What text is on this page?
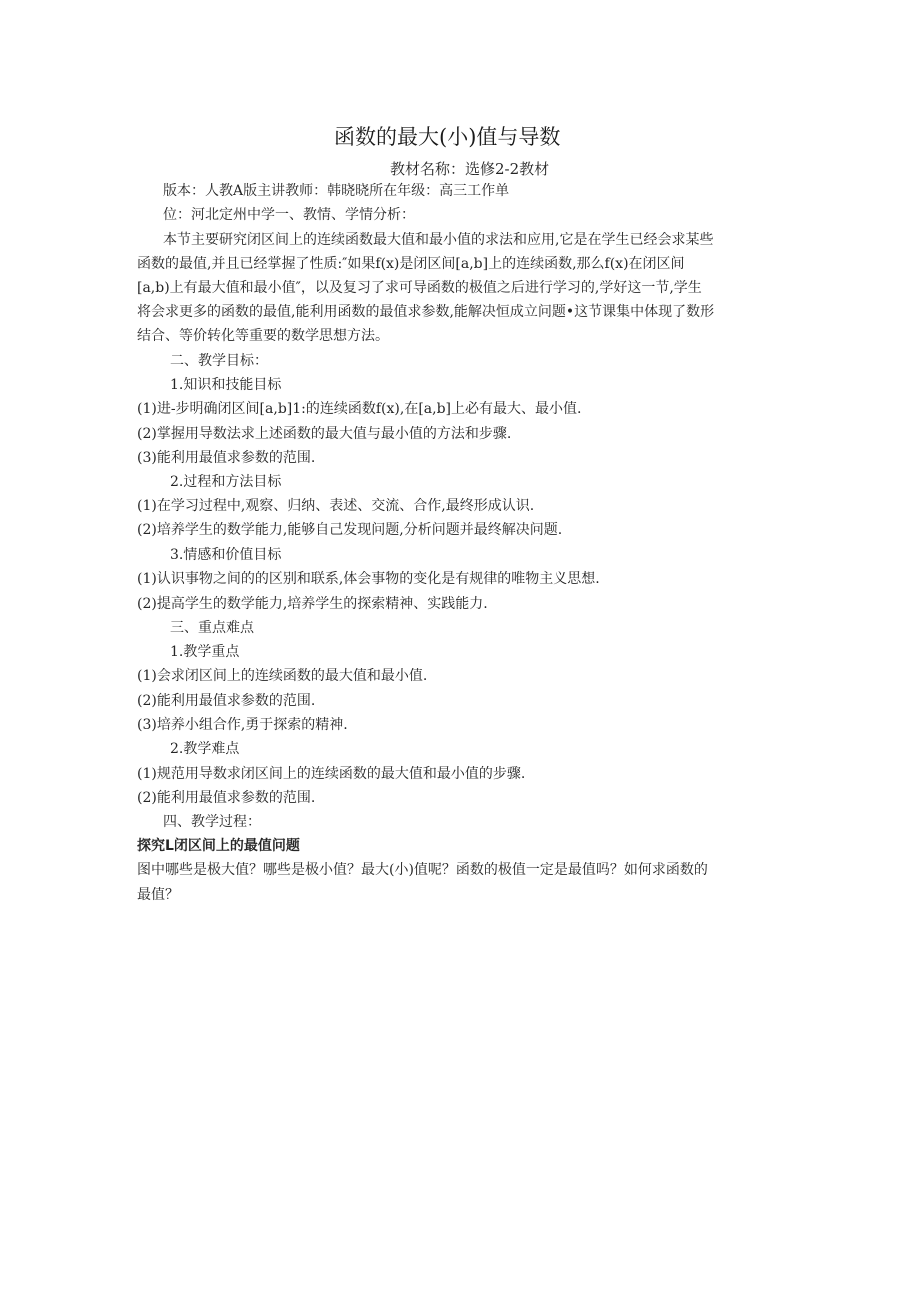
函数的最大(小)值与导数
教材名称：选修2-2教材
版本：人教A版主讲教师：韩晓晓所在年级：高三工作单
位：河北定州中学一、教情、学情分析：

本节主要研究闭区间上的连续函数最大值和最小值的求法和应用,它是在学生已经会求某些

函数的最值,并且已经掌握了性质:″如果f(x)是闭区间[a,b]上的连续函数,那么f(x)在闭区间

[a,b)上有最大值和最小值″，以及复习了求可导函数的极值之后进行学习的,学好这一节,学生

将会求更多的函数的最值,能利用函数的最值求参数,能解决恒成立问题•这节课集中体现了数形

结合、等价转化等重要的数学思想方法。

二、教学目标：
1.知识和技能目标
(1)进-步明确闭区间[a,b]1:的连续函数f(x),在[a,b]上必有最大、最小值.
(2)掌握用导数法求上述函数的最大值与最小值的方法和步骤.
(3)能利用最值求参数的范围.
2.过程和方法目标
(1)在学习过程中,观察、归纳、表述、交流、合作,最终形成认识.
(2)培养学生的数学能力,能够自己发现问题,分析问题并最终解决问题.
3.情感和价值目标
(1)认识事物之间的的区别和联系,体会事物的变化是有规律的唯物主义思想.
(2)提高学生的数学能力,培养学生的探索精神、实践能力.
三、重点难点
1.教学重点
(1)会求闭区间上的连续函数的最大值和最小值.
(2)能利用最值求参数的范围.
(3)培养小组合作,勇于探索的精神.
2.教学难点
(1)规范用导数求闭区间上的连续函数的最大值和最小值的步骤.
(2)能利用最值求参数的范围.
四、教学过程：
探究L闭区间上的最值问题
图中哪些是极大值？哪些是极小值？最大(小)值呢？函数的极值一定是最值吗？如何求函数的
最值？
